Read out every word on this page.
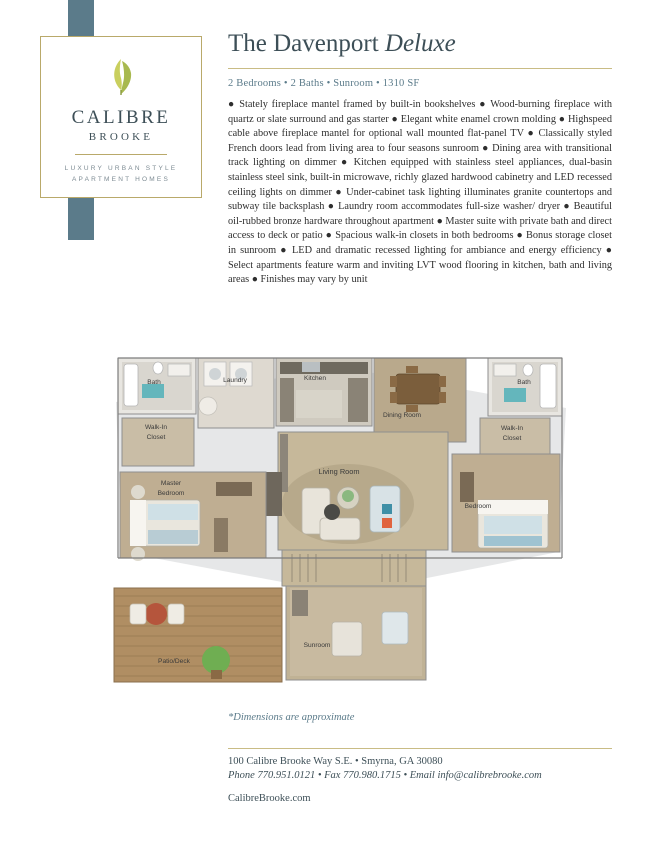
CALIBRE
BROOKE
LUXURY URBAN STYLE
APARTMENT HOMES
The Davenport Deluxe
2 Bedrooms • 2 Baths • Sunroom • 1310 SF
● Stately fireplace mantel framed by built-in bookshelves ● Wood-burning fireplace with quartz or slate surround and gas starter ● Elegant white enamel crown molding ● Highspeed cable above fireplace mantel for optional wall mounted flat-panel TV ● Classically styled French doors lead from living area to four seasons sunroom ● Dining area with transitional track lighting on dimmer ● Kitchen equipped with stainless steel appliances, dual-basin stainless steel sink, built-in microwave, richly glazed hardwood cabinetry and LED recessed ceiling lights on dimmer ● Under-cabinet task lighting illuminates granite countertops and subway tile backsplash ● Laundry room accommodates full-size washer/ dryer ● Beautiful oil-rubbed bronze hardware throughout apartment ● Master suite with private bath and direct access to deck or patio ● Spacious walk-in closets in both bedrooms ● Bonus storage closet in sunroom ● LED and dramatic recessed lighting for ambiance and energy efficiency ● Select apartments feature warm and inviting LVT wood flooring in kitchen, bath and living areas ● Finishes may vary by unit
Bath	Laundry	Kitchen
Bath
Dining Room
Walk-In
Closet
Walk-In
Closet
Living Room
Master
Bedroom
Bedroom
Patio/Deck
Sunroom
*Dimensions are approximate
100 Calibre Brooke Way S.E. • Smyrna, GA 30080
Phone 770.951.0121 • Fax 770.980.1715 • Email info@calibrebrooke.com
CalibreBrooke.com
